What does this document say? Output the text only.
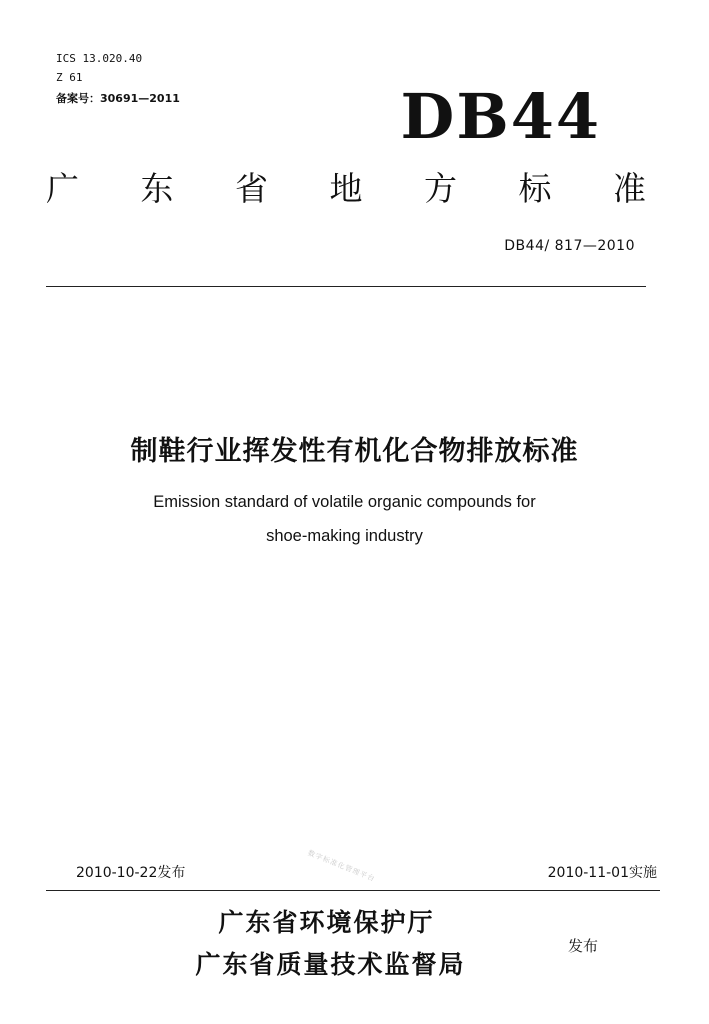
ICS 13.020.40
Z 61
备案号：30691—2011	DB44
广 东 省 地 方 标 准
DB44/ 817—2010
制鞋行业挥发性有机化合物排放标准
Emission standard of volatile organic compounds for
shoe-making industry
数字标准化管理平台
2010-10-22发布	2010-11-01实施
广东省环境保护厅
广东省质量技术监督局
发布
